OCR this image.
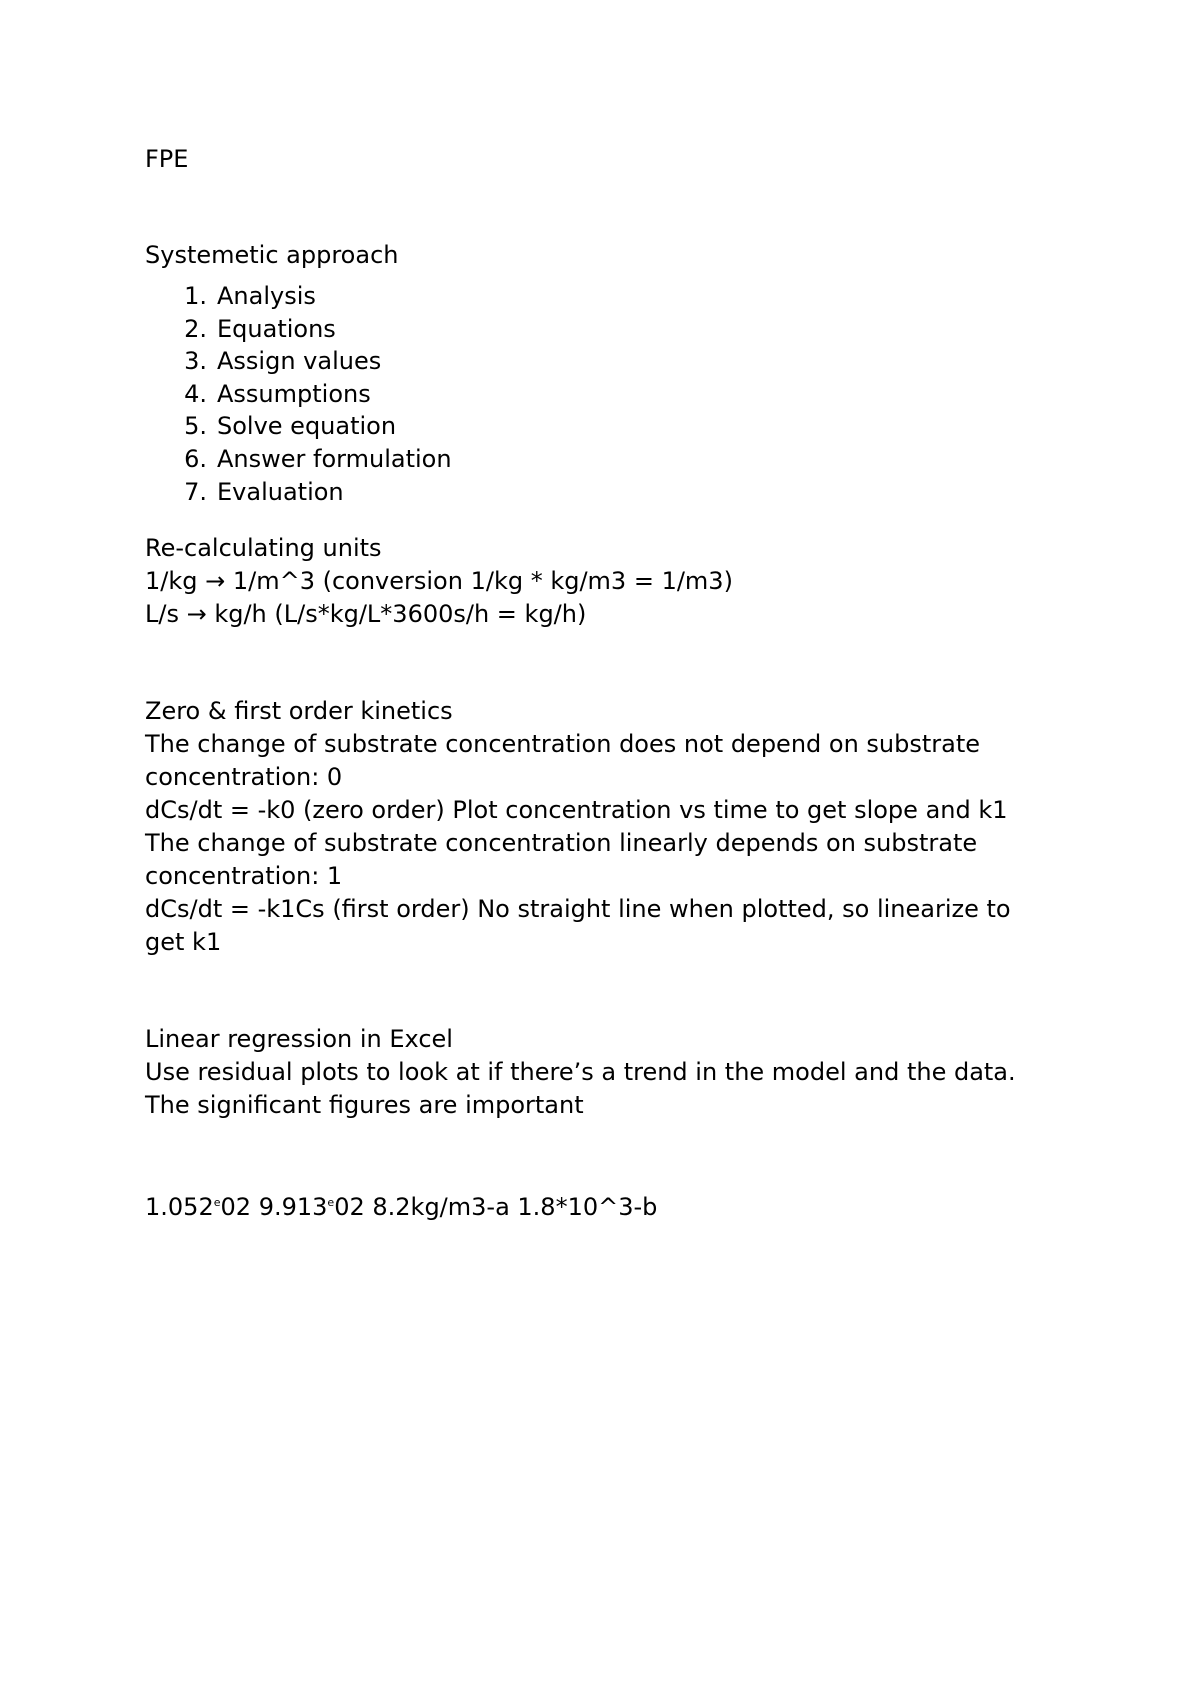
FPE

Systemetic approach
1. Analysis
2. Equations
3. Assign values
4. Assumptions
5. Solve equation
6. Answer formulation
7. Evaluation
Re-calculating units
1/kg → 1/m^3 (conversion 1/kg * kg/m3 = 1/m3)
L/s → kg/h (L/s*kg/L*3600s/h = kg/h)
Zero & first order kinetics
The change of substrate concentration does not depend on substrate
concentration: 0
dCs/dt = -k0 (zero order) Plot concentration vs time to get slope and k1
The change of substrate concentration linearly depends on substrate
concentration: 1
dCs/dt = -k1Cs (first order) No straight line when plotted, so linearize to
get k1
Linear regression in Excel
Use residual plots to look at if there’s a trend in the model and the data.
The significant figures are important

1.052e02 9.913e02 8.2kg/m3-a 1.8*10^3-b
